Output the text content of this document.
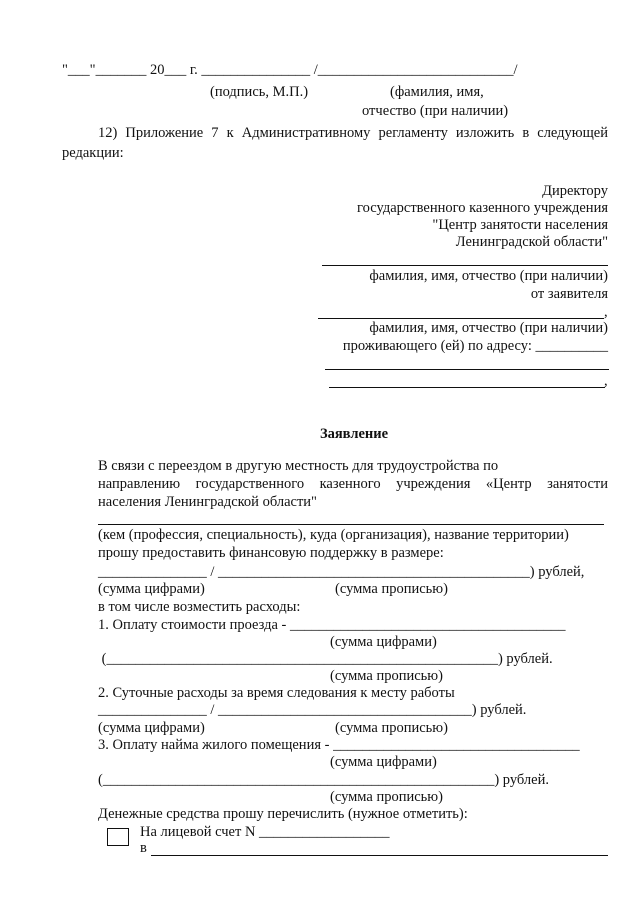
"___"_______ 20___ г. _______________ /___________________________/
(подпись, М.П.)	(фамилия, имя,
отчество (при наличии)
12) Приложение 7 к Административному регламенту изложить в следующей
редакции:
Директору
государственного казенного учреждения
"Центр занятости населения
Ленинградской области"
фамилия, имя, отчество (при наличии)
от заявителя
,
фамилия, имя, отчество (при наличии)
проживающего (ей) по адресу: __________
,
Заявление
В связи с переездом в другую местность для трудоустройства по
направлению государственного казенного учреждения «Центр занятости
населения Ленинградской области"
(кем (профессия, специальность), куда (организация), название территории)
прошу предоставить финансовую поддержку в размере:
_______________ / ___________________________________________) рублей,
(сумма цифрами)	(сумма прописью)
в том числе возместить расходы:
1. Оплату стоимости проезда - ______________________________________
(сумма цифрами)
(______________________________________________________) рублей.
(сумма прописью)
2. Суточные расходы за время следования к месту работы
_______________ / ___________________________________) рублей.
(сумма цифрами)	(сумма прописью)
3. Оплату найма жилого помещения - __________________________________
(сумма цифрами)
(______________________________________________________) рублей.
(сумма прописью)
Денежные средства прошу перечислить (нужное отметить):
На лицевой счет N __________________
в
